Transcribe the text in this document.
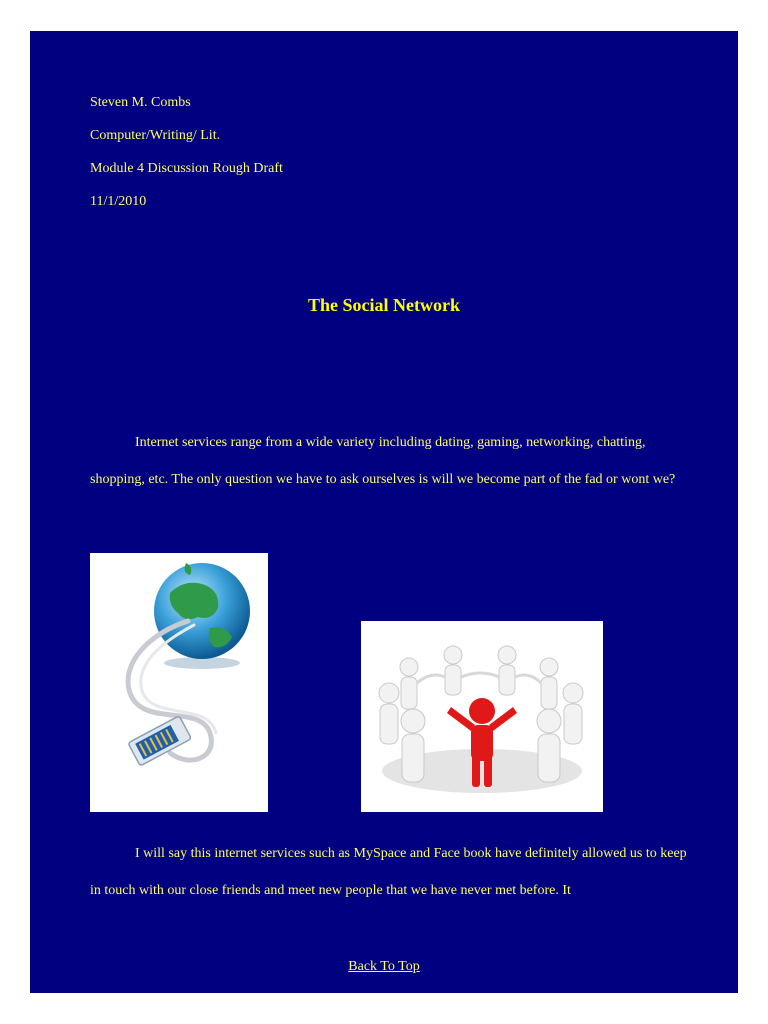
Steven M. Combs
Computer/Writing/ Lit.
Module 4 Discussion Rough Draft
11/1/2010
The Social Network

Internet services range from a wide variety including dating, gaming, networking, chatting, shopping, etc. The only question we have to ask ourselves is will we become part of the fad or wont we?

I will say this internet services such as MySpace and Face book have definitely allowed us to keep in touch with our close friends and meet new people that we have never met before. It

Back To Top
